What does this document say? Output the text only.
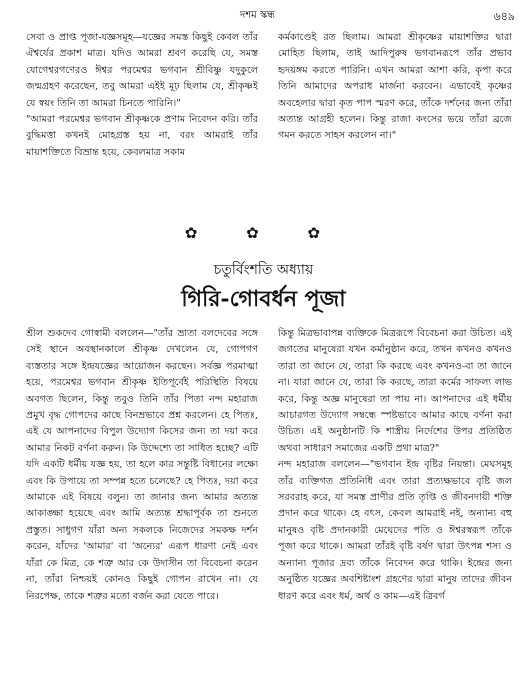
দশম স্কন্ধ	৬৪৯

সেবা ও প্রাপ্ত পূজা-যজ্ঞসমূহ—যজ্ঞের সমস্ত কিছুই কেবল তাঁর ঐশ্বর্যের প্রকাশ মাত্র। যদিও আমরা শ্রবণ করেছি যে, সমস্ত যোগেশ্বরগণেরও ঈশ্বর পরমেশ্বর ভগবান শ্রীবিষ্ণু যদুকুলে জন্মগ্রহণ করেছেন, তবু আমরা এইই মূঢ় ছিলাম যে, শ্রীকৃষ্ণই যে স্বয়ং তিনি তা আমরা চিনতে পারিনি।"

"আমরা পরমেশ্বর ভগবান শ্রীকৃষ্ণকে প্রণাম নিবেদন করি। তাঁর বুদ্ধিমত্তা কখনই মোহগ্রস্ত হয় না, বরং আমরাই তাঁর মায়াশক্তিতে বিভ্রান্ত হয়ে, কেবলমাত্র সকাম

কর্মকাণ্ডেই রত ছিলাম। আমরা শ্রীকৃষ্ণের মায়াশক্তির দ্বারা মোহিত ছিলাম, তাই আদিপুরুষ ভগবানরূপে তাঁর প্রভাব হৃদয়ঙ্গম করতে পারিনি। এখন আমরা আশা করি, কৃপা করে তিনি আমাদের অপরাধ মার্জনা করবেন। এভাবেই কৃষ্ণের অবহেলার দ্বারা কৃত পাপ স্মরণ করে, তাঁকে দর্শনের জন্য তাঁরা অত্যন্ত আগ্রহী হলেন। কিন্তু রাজা কংসের ভয়ে তাঁরা ব্রজে গমন করতে সাহস করলেন না।"

✿ ✿ ✿
চতুর্বিংশতি অধ্যায়
গিরি-গোবর্ধন পূজা

শ্রীল শুকদেব গোস্বামী বললেন—"তাঁর ভ্রাতা বলদেবের সঙ্গে সেই স্থানে অবস্থানকালে শ্রীকৃষ্ণ দেখলেন যে, গোপগণ ব্যস্ততার সঙ্গে ইন্দ্রযজ্ঞের আয়োজন করছেন। সর্বজ্ঞ পরমাত্মা হয়ে, পরমেশ্বর ভগবান শ্রীকৃষ্ণ ইতিপূর্বেই পরিস্থিতি বিষয়ে অবগত ছিলেন, কিন্তু তবুও তিনি তাঁর পিতা নন্দ মহারাজ প্রমুখ বৃদ্ধ গোপদের কাছে বিনম্রভাবে প্রশ্ন করলেন। হে পিতঃ, এই যে আপনাদের বিপুল উদ্যোগ কিসের জন্য তা দয়া করে আমার নিকট বর্ণনা করুন। কি উদ্দেশ্যে তা সাধিত হচ্ছে? এটি যদি একটি ধর্মীয় যজ্ঞ হয়, তা হলে কার সন্তুষ্টি বিধানের লক্ষ্যে এবং কি উপায়ে তা সম্পন্ন হতে চলেছে? হে পিতঃ, দয়া করে আমাকে এই বিষয়ে বলুন। তা জানার জন্য আমার অত্যন্ত আকাঙ্ক্ষা হয়েছে এবং আমি অত্যন্ত শ্রদ্ধাপূর্বক তা শুনতে প্রস্তুত। সাধুগণ যাঁরা অন্য সকলকে নিজেদের সমকক্ষ দর্শন করেন, যাঁদের 'আমার' বা 'অন্যের' এরূপ ধারণা নেই এবং যাঁরা কে মিত্র, কে শত্রু আর কে উদাসীন তা বিবেচনা করেন না, তাঁরা নিশ্চয়ই কোনও কিছুই গোপন রাখেন না। যে নিরপেক্ষ, তাকে শত্রুর মতো বর্জন করা যেতে পারে।

কিন্তু মিত্রভাবাপন্ন ব্যক্তিকে মিত্ররূপে বিবেচনা করা উচিত। এই জগতের মানুষেরা যখন কর্মানুষ্ঠান করে, তখন কখনও কখনও তারা তা জানে যে, তারা কি করছে এবং কখনও-বা তা জানে না। যারা জানে যে, তারা কি করছে, তারা কর্মের সাফল্য লাভ করে, কিন্তু অজ্ঞ মানুষেরা তা পায় না। আপনাদের এই ধর্মীয় আচারগত উদ্যোগ সম্বন্ধে স্পষ্টভাবে আমার কাছে বর্ণনা করা উচিত। এই অনুষ্ঠানটি কি শাস্ত্রীয় নির্দেশের উপর প্রতিষ্ঠিত অথবা সাধারণ সমাজের একটি প্রথা মাত্র?"
নন্দ মহারাজ বললেন—"ভগবান ইন্দ্র বৃষ্টির নিয়ন্তা। মেঘসমূহ তাঁর ব্যক্তিগত প্রতিনিধি এবং তারা প্রত্যক্ষভাবে বৃষ্টি জল সরবরাহ করে, যা সমস্ত প্রাণীর প্রতি তৃপ্তি ও জীবনদায়ী শক্তি প্রদান করে থাকে। হে বৎস, কেবল আমরাই নই, অন্যান্য বহু মানুষও বৃষ্টি প্রদানকারী মেঘেদের পতি ও ঈশ্বরস্বরূপ তাঁকে পূজা করে থাকে। আমরা তাঁরই বৃষ্টি বর্ষণ দ্বারা উৎপন্ন শস্য ও অন্যান্য পূজার দ্রব্য তাঁকে নিবেদন করে থাকি। ইন্দ্রের জন্য অনুষ্ঠিত যজ্ঞের অবশিষ্টাংশ গ্রহণের দ্বারা মানুষ তাদের জীবন ধারণ করে এবং ধর্ম, অর্থ ও কাম—এই ত্রিবর্গ
